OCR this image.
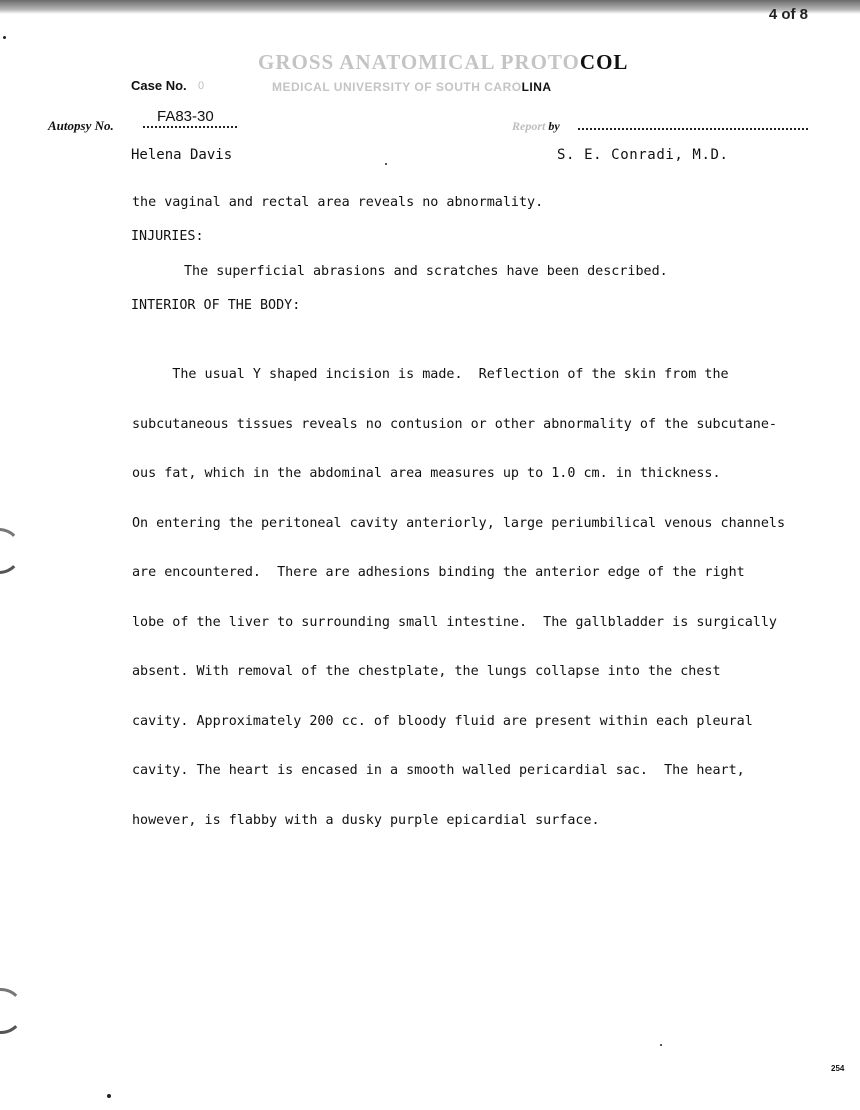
4 of 8
GROSS ANATOMICAL PROTOCOL
Case No. 0	MEDICAL UNIVERSITY OF SOUTH CAROLINA
Autopsy No.
FA83-30
Report by
Helena Davis	S. E. Conradi, M.D.

the vaginal and rectal area reveals no abnormality.

INJURIES:

The superficial abrasions and scratches have been described.

INTERIOR OF THE BODY:

The usual Y shaped incision is made.  Reflection of the skin from the

subcutaneous tissues reveals no contusion or other abnormality of the subcutane-

ous fat, which in the abdominal area measures up to 1.0 cm. in thickness.

On entering the peritoneal cavity anteriorly, large periumbilical venous channels

are encountered.  There are adhesions binding the anterior edge of the right

lobe of the liver to surrounding small intestine.  The gallbladder is surgically

absent. With removal of the chestplate, the lungs collapse into the chest

cavity. Approximately 200 cc. of bloody fluid are present within each pleural

cavity. The heart is encased in a smooth walled pericardial sac.  The heart,

however, is flabby with a dusky purple epicardial surface.

254
